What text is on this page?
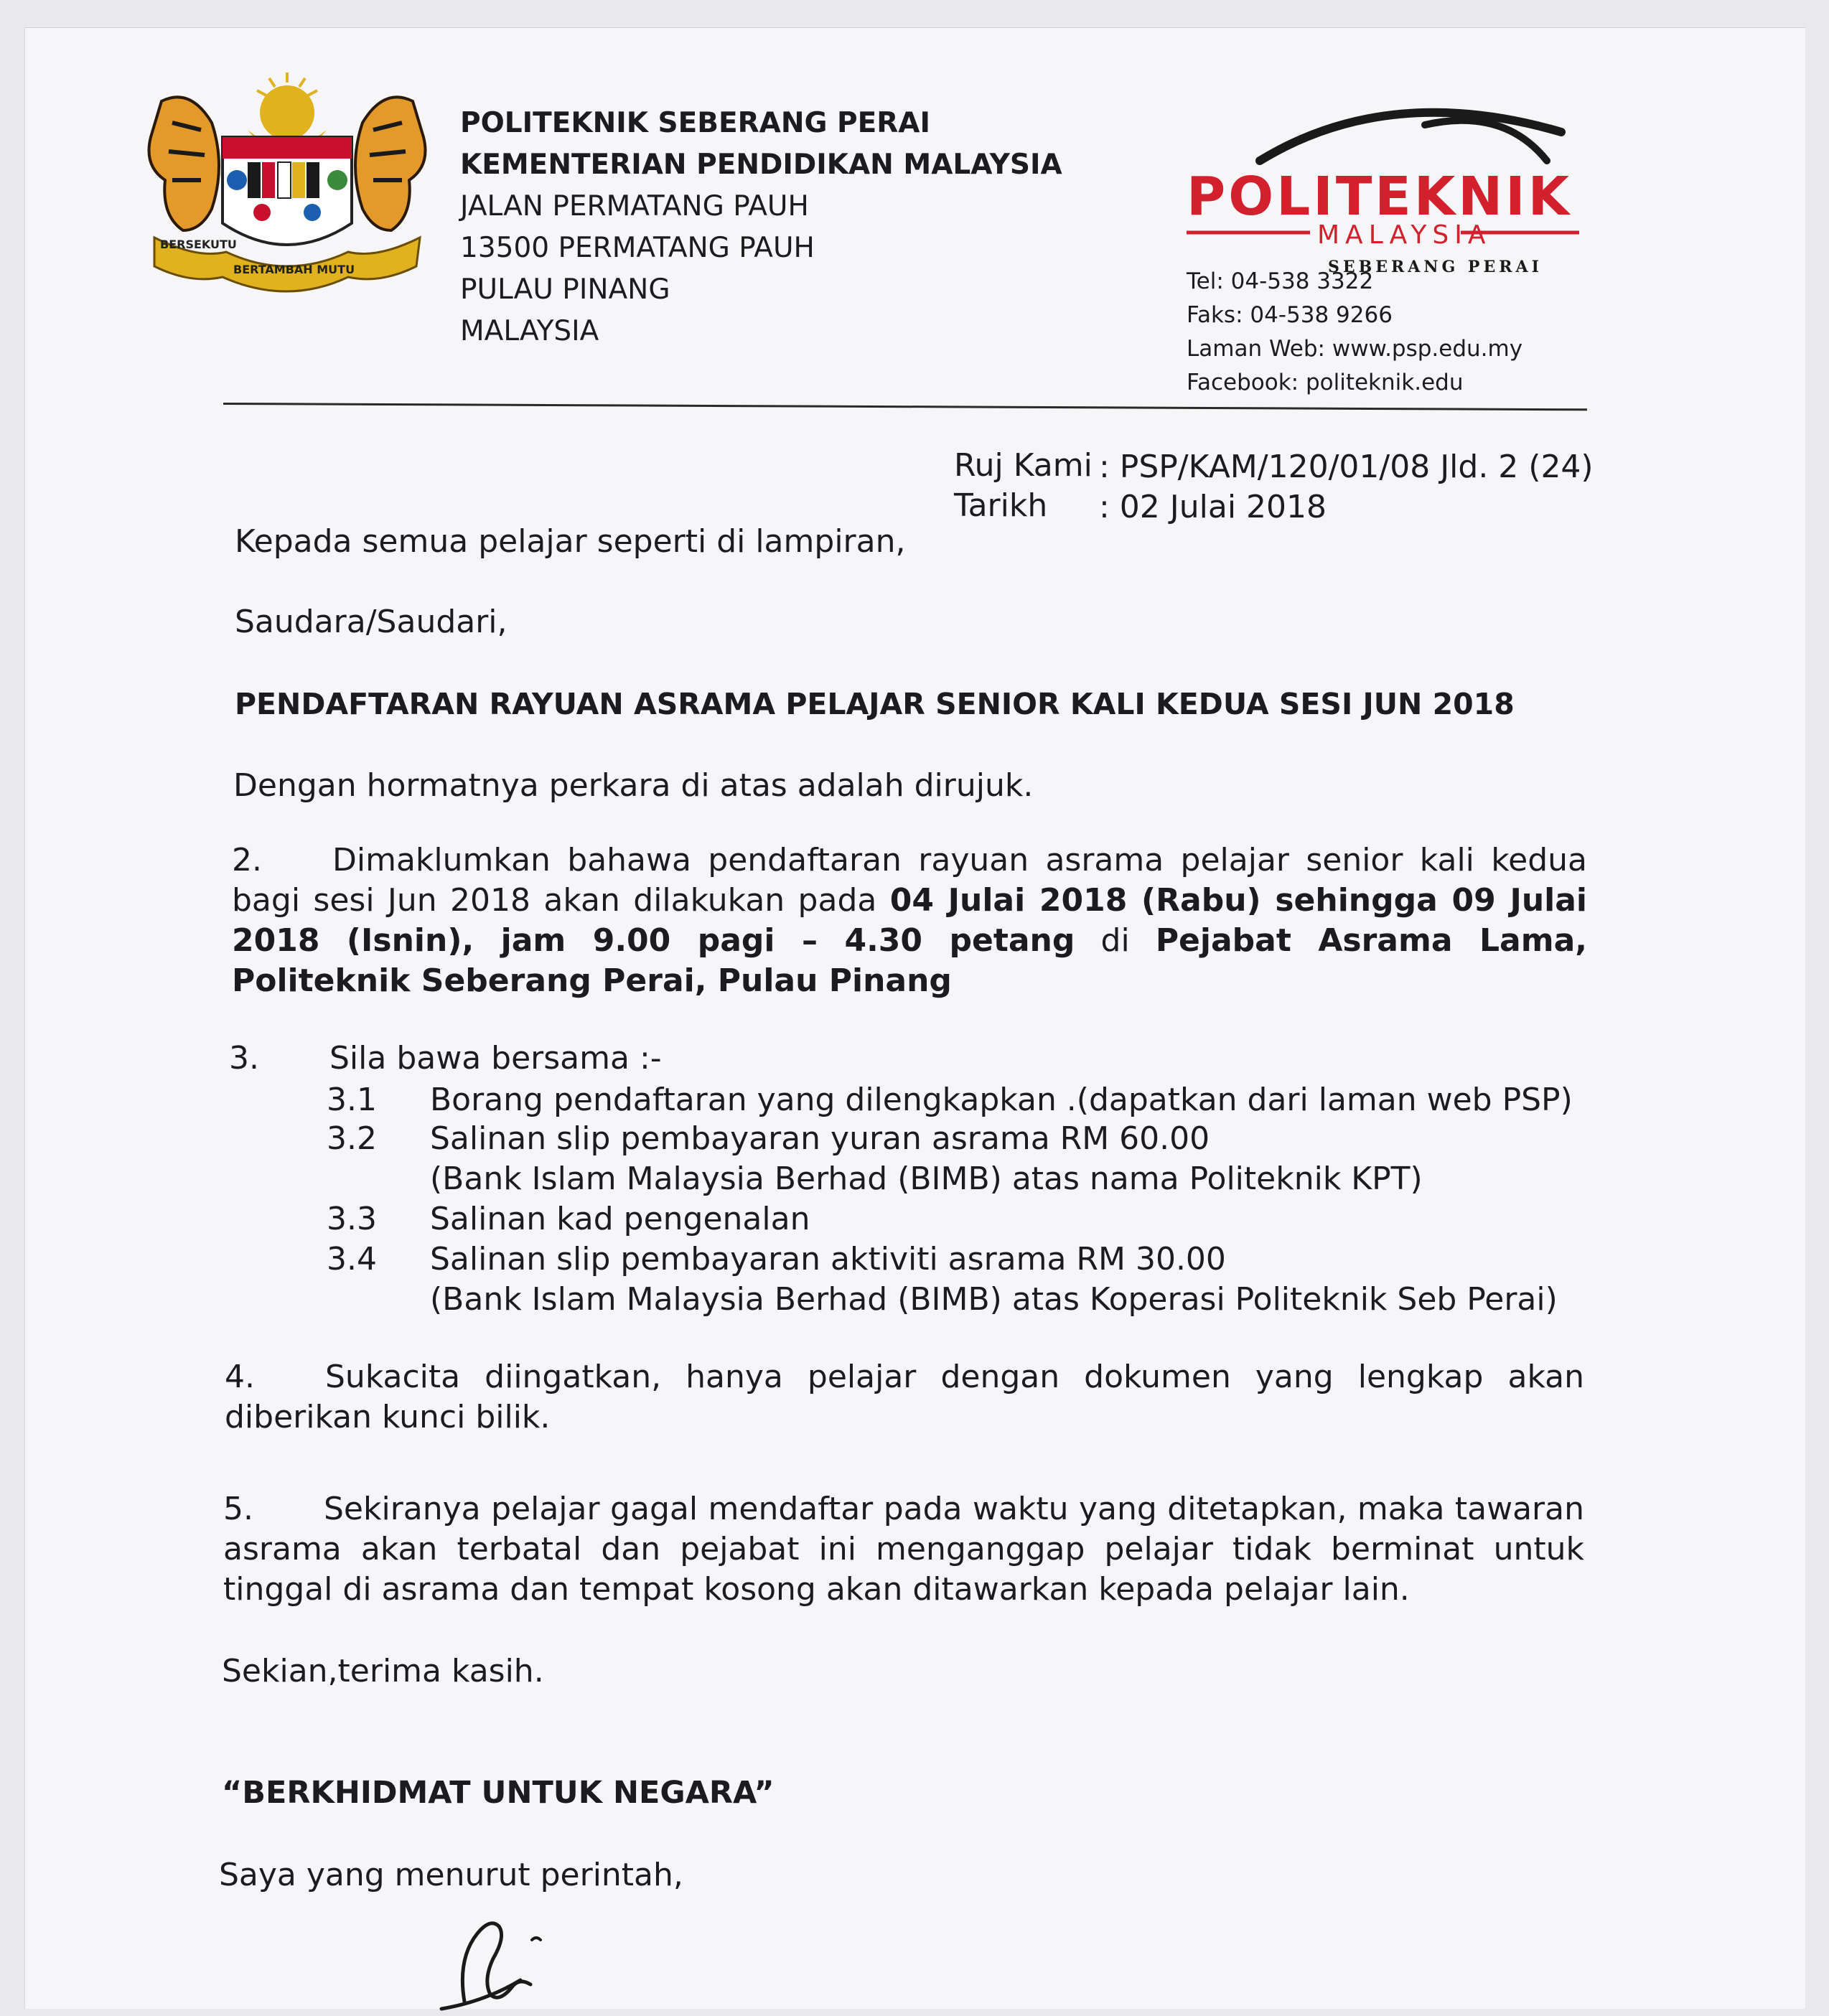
BERSEKUTU
BERTAMBAH MUTU
POLITEKNIK SEBERANG PERAI
KEMENTERIAN PENDIDIKAN MALAYSIA
JALAN PERMATANG PAUH
13500 PERMATANG PAUH
PULAU PINANG
MALAYSIA
POLITEKNIK
MALAYSIA
SEBERANG PERAI
Tel: 04-538 3322
Faks: 04-538 9266
Laman Web: www.psp.edu.my
Facebook: politeknik.edu
Ruj Kami : PSP/KAM/120/01/08 Jld. 2 (24)
Tarikh : 02 Julai 2018
Kepada semua pelajar seperti di lampiran,
Saudara/Saudari,
PENDAFTARAN RAYUAN ASRAMA PELAJAR SENIOR KALI KEDUA SESI JUN 2018
Dengan hormatnya perkara di atas adalah dirujuk.
2. Dimaklumkan bahawa pendaftaran rayuan asrama pelajar senior kali kedua bagi sesi Jun 2018 akan dilakukan pada 04 Julai 2018 (Rabu) sehingga 09 Julai 2018 (Isnin), jam 9.00 pagi – 4.30 petang di Pejabat Asrama Lama, Politeknik Seberang Perai, Pulau Pinang
3. Sila bawa bersama :-
3.1 Borang pendaftaran yang dilengkapkan .(dapatkan dari laman web PSP)
3.2 Salinan slip pembayaran yuran asrama RM 60.00
(Bank Islam Malaysia Berhad (BIMB) atas nama Politeknik KPT)
3.3 Salinan kad pengenalan
3.4 Salinan slip pembayaran aktiviti asrama RM 30.00
(Bank Islam Malaysia Berhad (BIMB) atas Koperasi Politeknik Seb Perai)
4. Sukacita diingatkan, hanya pelajar dengan dokumen yang lengkap akan diberikan kunci bilik.
5. Sekiranya pelajar gagal mendaftar pada waktu yang ditetapkan, maka tawaran asrama akan terbatal dan pejabat ini menganggap pelajar tidak berminat untuk tinggal di asrama dan tempat kosong akan ditawarkan kepada pelajar lain.
Sekian,terima kasih.
“BERKHIDMAT UNTUK NEGARA”
Saya yang menurut perintah,
